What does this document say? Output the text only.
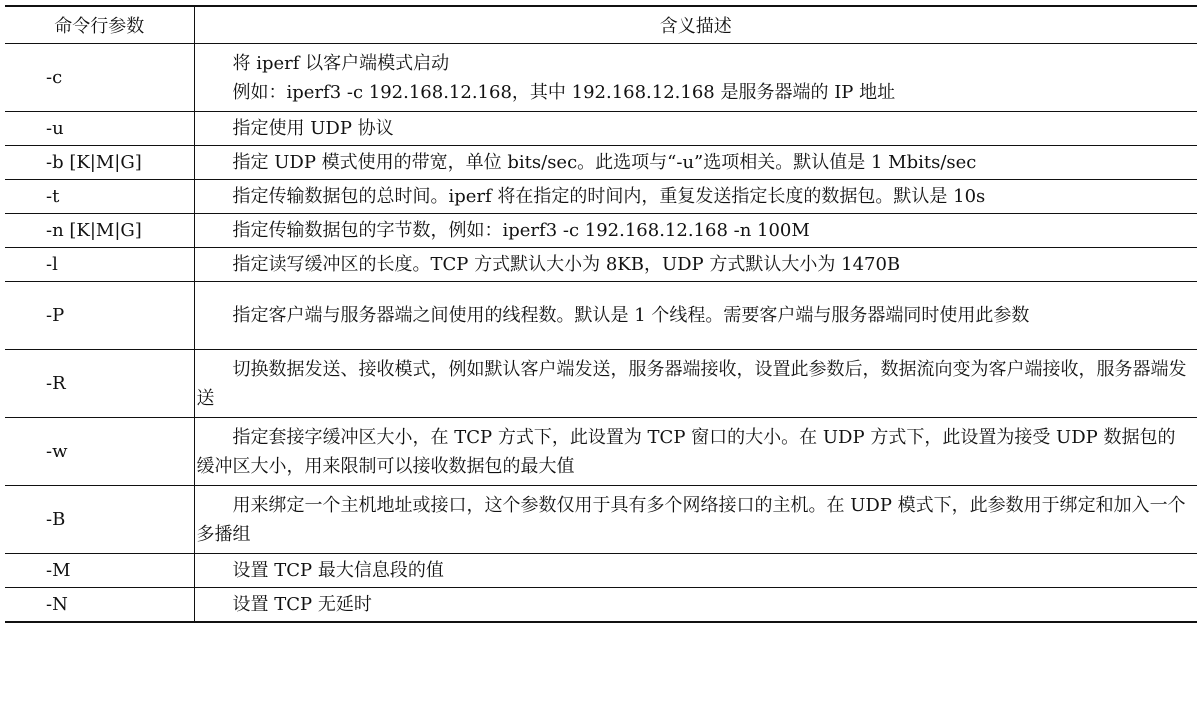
命令行参数	含义描述
-c	将 iperf 以客户端模式启动

例如：iperf3 -c 192.168.12.168，其中 192.168.12.168 是服务器端的 IP 地址

-u	指定使用 UDP 协议

-b [K|M|G]	指定 UDP 模式使用的带宽，单位 bits/sec。此选项与“-u”选项相关。默认值是 1 Mbits/sec

-t	指定传输数据包的总时间。iperf 将在指定的时间内，重复发送指定长度的数据包。默认是 10s

-n [K|M|G]	指定传输数据包的字节数，例如：iperf3 -c 192.168.12.168 -n 100M

-l	指定读写缓冲区的长度。TCP 方式默认大小为 8KB，UDP 方式默认大小为 1470B

-P	指定客户端与服务器端之间使用的线程数。默认是 1 个线程。需要客户端与服务器端同时使用此参数

-R	切换数据发送、接收模式，例如默认客户端发送，服务器端接收，设置此参数后，数据流向变为客户端接收，服务器端发送

-w	指定套接字缓冲区大小，在 TCP 方式下，此设置为 TCP 窗口的大小。在 UDP 方式下，此设置为接受 UDP 数据包的缓冲区大小，用来限制可以接收数据包的最大值

-B	用来绑定一个主机地址或接口，这个参数仅用于具有多个网络接口的主机。在 UDP 模式下，此参数用于绑定和加入一个多播组

-M	设置 TCP 最大信息段的值

-N	设置 TCP 无延时
